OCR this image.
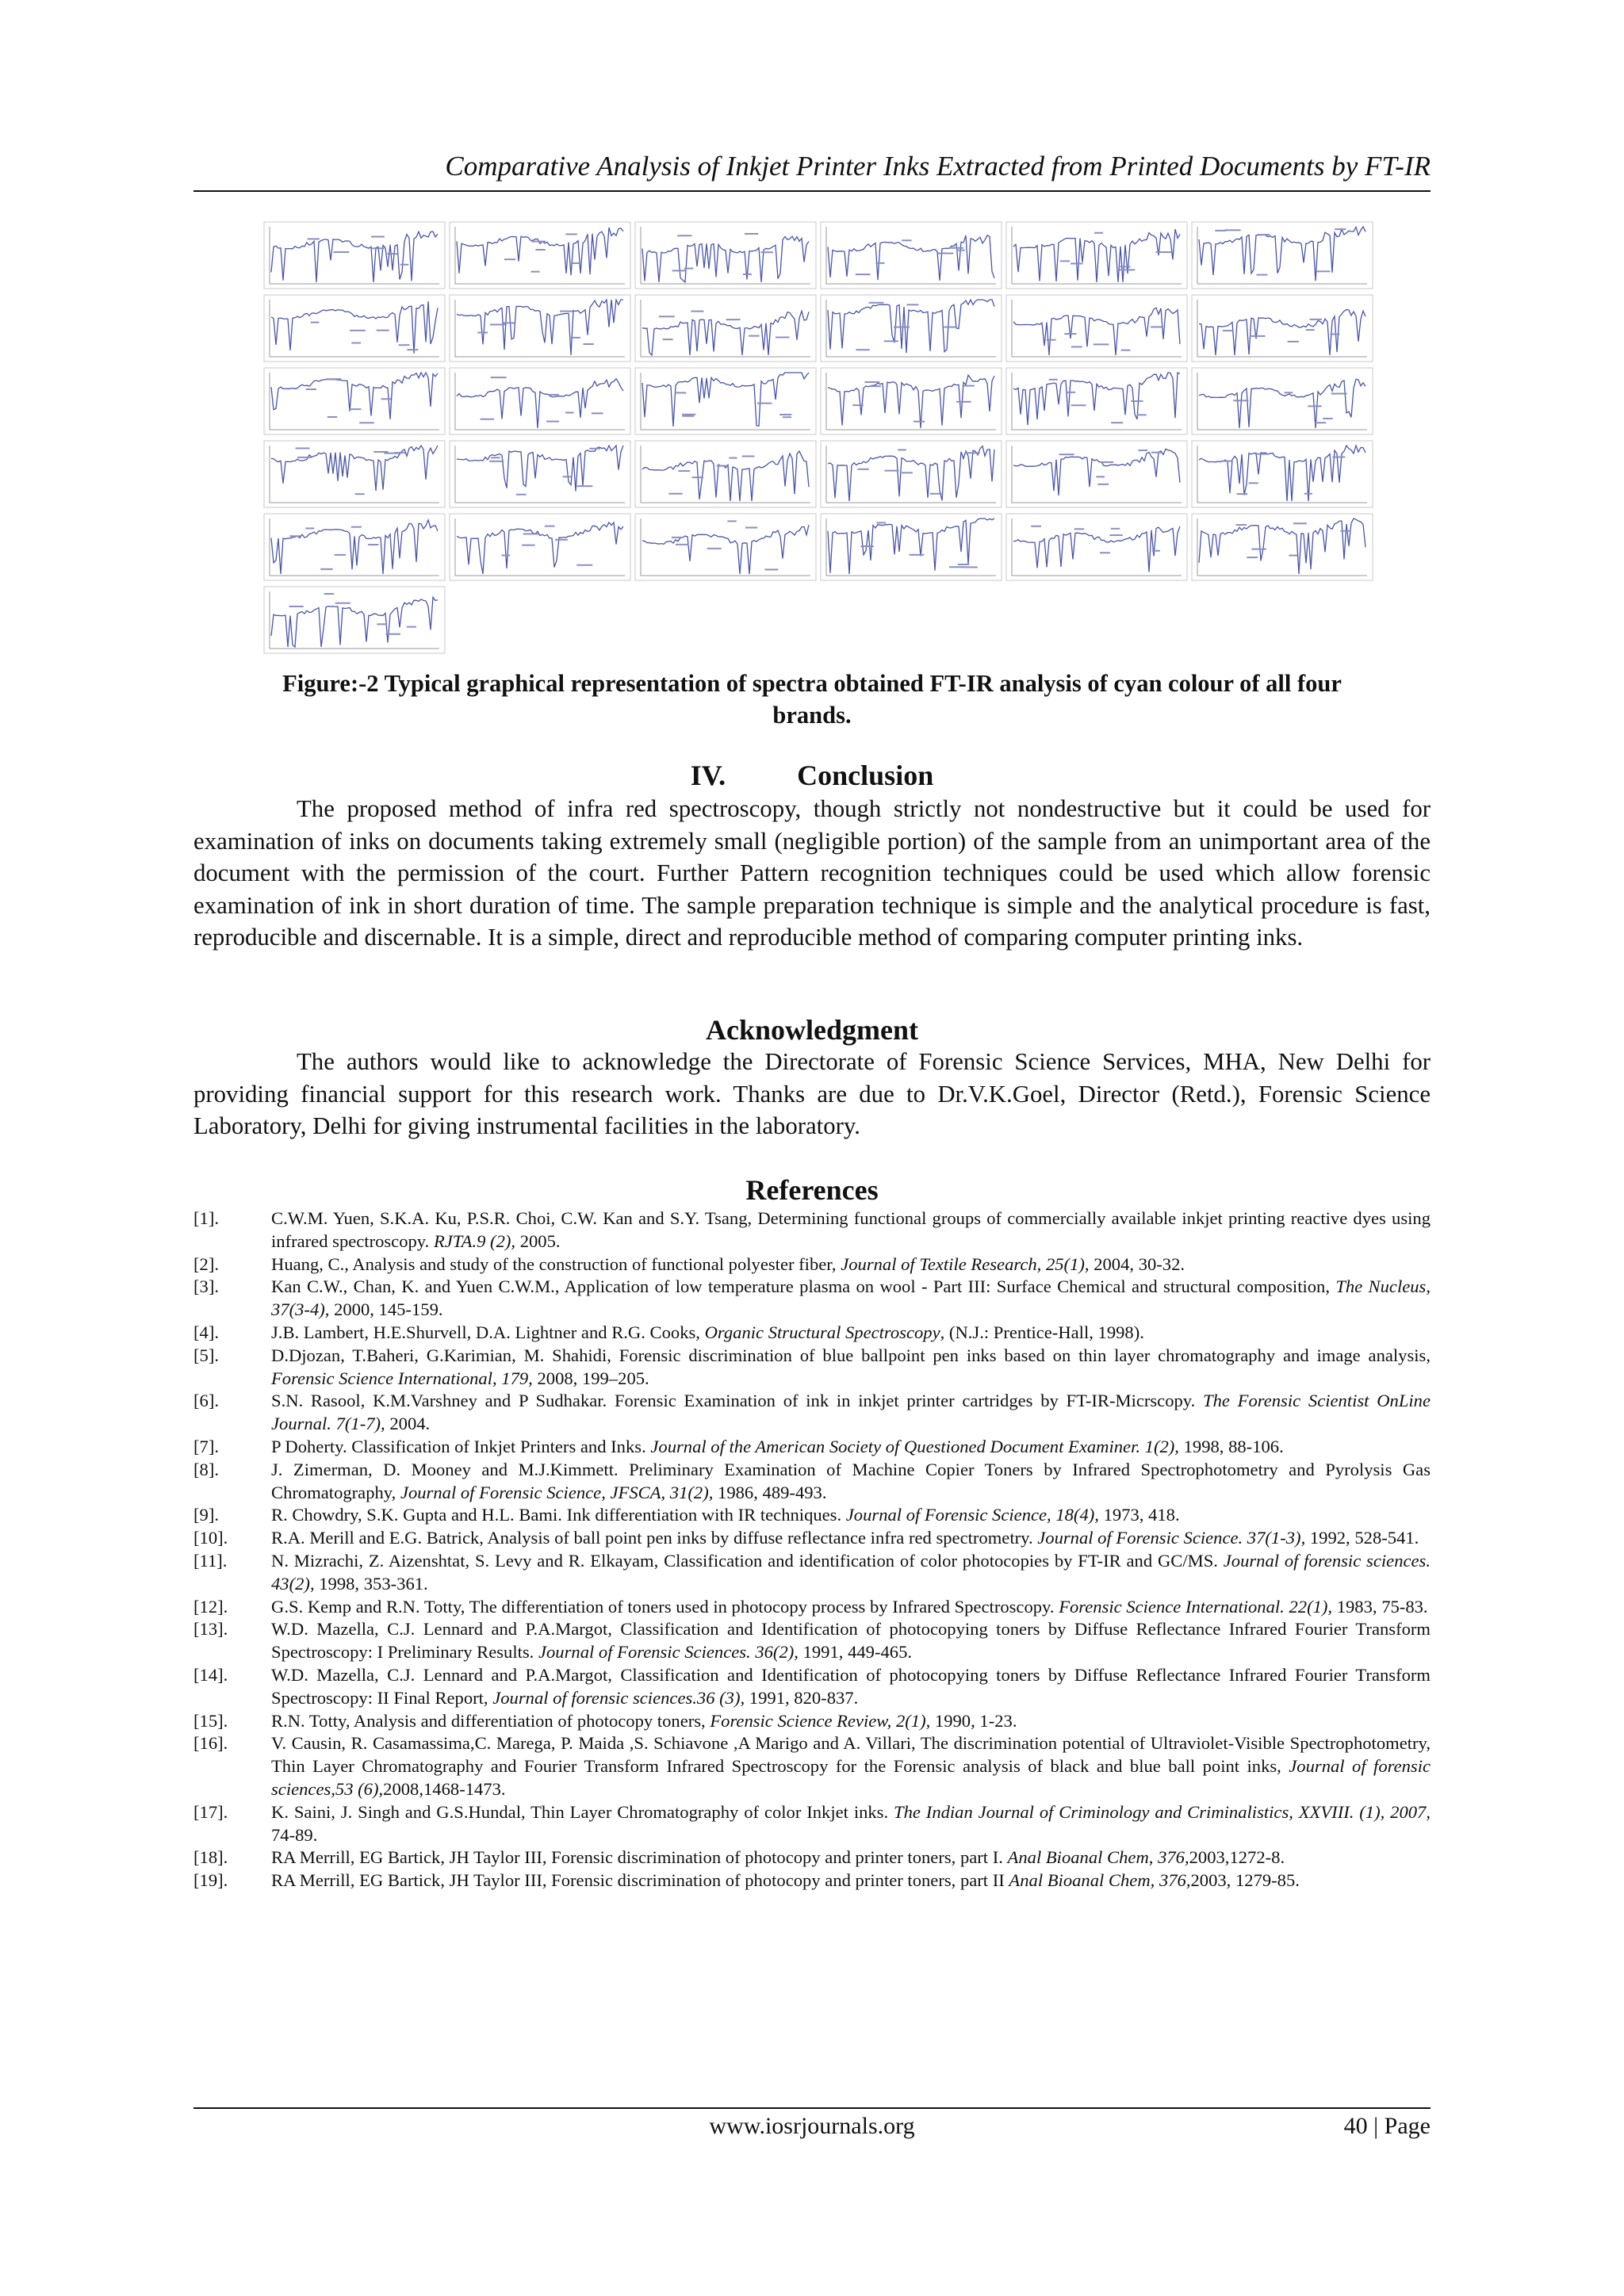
Comparative Analysis of Inkjet Printer Inks Extracted from Printed Documents by FT-IR
Figure:-2 Typical graphical representation of spectra obtained FT-IR analysis of cyan colour of all four
brands.
IV.	Conclusion

The proposed method of infra red spectroscopy, though strictly not nondestructive but it could be used for examination of inks on documents taking extremely small (negligible portion) of the sample from an unimportant area of the document with the permission of the court. Further Pattern recognition techniques could be used which allow forensic examination of ink in short duration of time. The sample preparation technique is simple and the analytical procedure is fast, reproducible and discernable. It is a simple, direct and reproducible method of comparing computer printing inks.

Acknowledgment

The authors would like to acknowledge the Directorate of Forensic Science Services, MHA, New Delhi for providing financial support for this research work. Thanks are due to Dr.V.K.Goel, Director (Retd.), Forensic Science Laboratory, Delhi for giving instrumental facilities in the laboratory.

References
[1].	C.W.M. Yuen, S.K.A. Ku, P.S.R. Choi, C.W. Kan and S.Y. Tsang, Determining functional groups of commercially available inkjet printing reactive dyes using infrared spectroscopy. RJTA.9 (2), 2005.
[2].	Huang, C., Analysis and study of the construction of functional polyester fiber, Journal of Textile Research, 25(1), 2004, 30-32.
[3].	Kan C.W., Chan, K. and Yuen C.W.M., Application of low temperature plasma on wool - Part III: Surface Chemical and structural composition, The Nucleus, 37(3-4), 2000, 145-159.
[4].	J.B. Lambert, H.E.Shurvell, D.A. Lightner and R.G. Cooks, Organic Structural Spectroscopy, (N.J.: Prentice-Hall, 1998).
[5].	D.Djozan, T.Baheri, G.Karimian, M. Shahidi, Forensic discrimination of blue ballpoint pen inks based on thin layer chromatography and image analysis, Forensic Science International, 179, 2008, 199–205.
[6].	S.N. Rasool, K.M.Varshney and P Sudhakar. Forensic Examination of ink in inkjet printer cartridges by FT-IR-Micrscopy. The Forensic Scientist OnLine Journal. 7(1-7), 2004.
[7].	P Doherty. Classification of Inkjet Printers and Inks. Journal of the American Society of Questioned Document Examiner. 1(2), 1998, 88-106.
[8].	J. Zimerman, D. Mooney and M.J.Kimmett. Preliminary Examination of Machine Copier Toners by Infrared Spectrophotometry and Pyrolysis Gas Chromatography, Journal of Forensic Science, JFSCA, 31(2), 1986, 489-493.
[9].	R. Chowdry, S.K. Gupta and H.L. Bami. Ink differentiation with IR techniques. Journal of Forensic Science, 18(4), 1973, 418.
[10].	R.A. Merill and E.G. Batrick, Analysis of ball point pen inks by diffuse reflectance infra red spectrometry. Journal of Forensic Science. 37(1-3), 1992, 528-541.
[11].	N. Mizrachi, Z. Aizenshtat, S. Levy and R. Elkayam, Classification and identification of color photocopies by FT-IR and GC/MS. Journal of forensic sciences. 43(2), 1998, 353-361.
[12].	G.S. Kemp and R.N. Totty, The differentiation of toners used in photocopy process by Infrared Spectroscopy. Forensic Science International. 22(1), 1983, 75-83.
[13].	W.D. Mazella, C.J. Lennard and P.A.Margot, Classification and Identification of photocopying toners by Diffuse Reflectance Infrared Fourier Transform Spectroscopy: I Preliminary Results. Journal of Forensic Sciences. 36(2), 1991, 449-465.
[14].	W.D. Mazella, C.J. Lennard and P.A.Margot, Classification and Identification of photocopying toners by Diffuse Reflectance Infrared Fourier Transform Spectroscopy: II Final Report, Journal of forensic sciences.36 (3), 1991, 820-837.
[15].	R.N. Totty, Analysis and differentiation of photocopy toners, Forensic Science Review, 2(1), 1990, 1-23.
[16].	V. Causin, R. Casamassima,C. Marega, P. Maida ,S. Schiavone ,A Marigo and A. Villari, The discrimination potential of Ultraviolet-Visible Spectrophotometry, Thin Layer Chromatography and Fourier Transform Infrared Spectroscopy for the Forensic analysis of black and blue ball point inks, Journal of forensic sciences,53 (6),2008,1468-1473.
[17].	K. Saini, J. Singh and G.S.Hundal, Thin Layer Chromatography of color Inkjet inks. The Indian Journal of Criminology and Criminalistics, XXVIII. (1), 2007, 74-89.
[18].	RA Merrill, EG Bartick, JH Taylor III, Forensic discrimination of photocopy and printer toners, part I. Anal Bioanal Chem, 376,2003,1272-8.
[19].	RA Merrill, EG Bartick, JH Taylor III, Forensic discrimination of photocopy and printer toners, part II Anal Bioanal Chem, 376,2003, 1279-85.
www.iosrjournals.org	40 | Page
